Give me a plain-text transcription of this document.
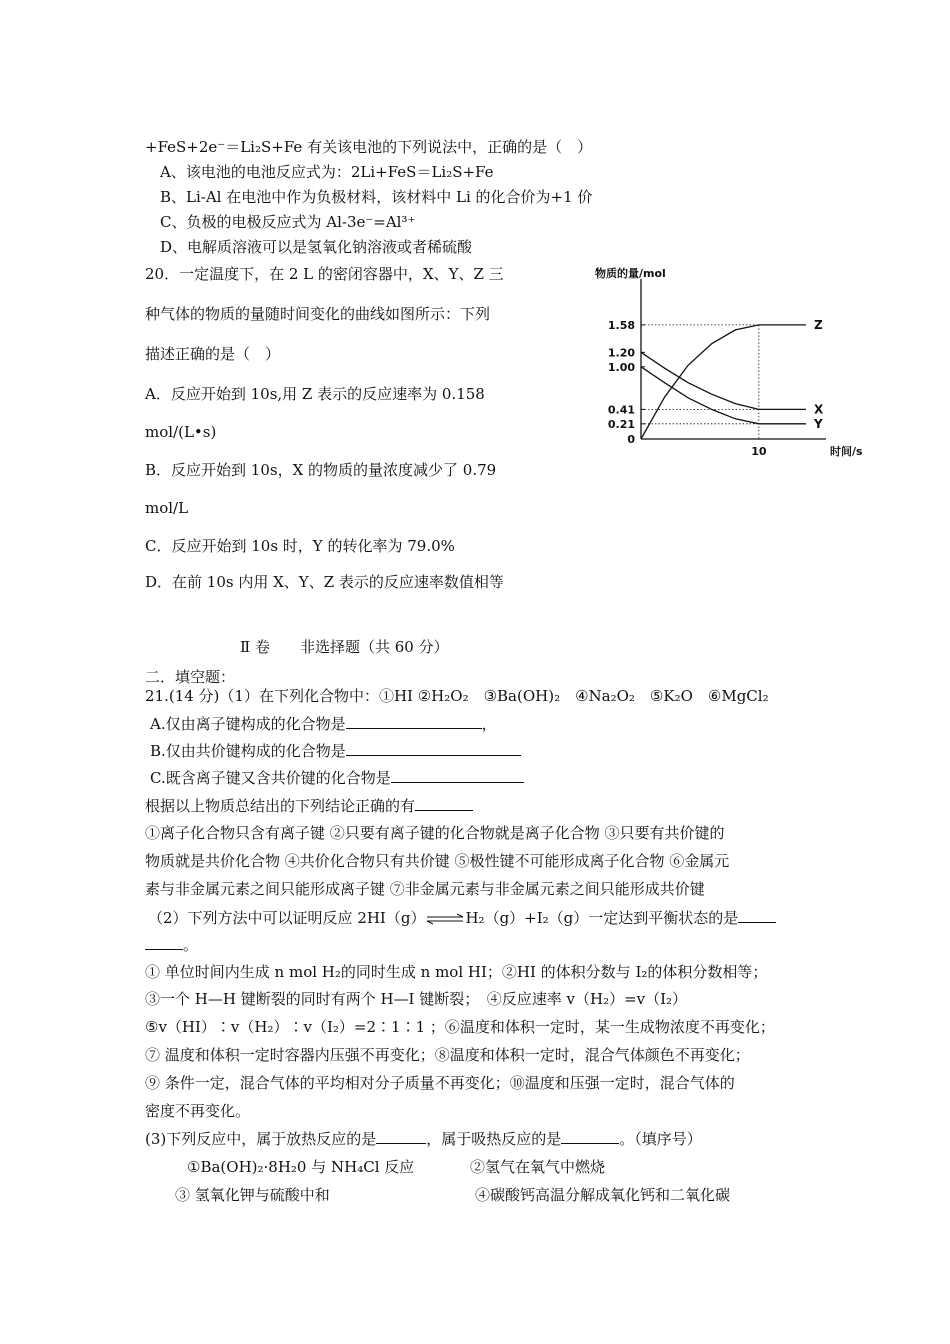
+FeS+2e⁻＝Li₂S+Fe 有关该电池的下列说法中，正确的是（　）
A、该电池的电池反应式为：2Li+FeS＝Li₂S+Fe
B、Li-Al 在电池中作为负极材料，该材料中 Li 的化合价为+1 价
C、负极的电极反应式为 Al-3e⁻=Al³⁺
D、电解质溶液可以是氢氧化钠溶液或者稀硫酸
20．一定温度下，在 2 L 的密闭容器中，X、Y、Z 三
种气体的物质的量随时间变化的曲线如图所示：下列
描述正确的是（　）
A．反应开始到 10s,用 Z 表示的反应速率为 0.158
mol/(L•s)
B．反应开始到 10s，X 的物质的量浓度减少了 0.79
mol/L
C．反应开始到 10s 时，Y 的转化率为 79.0%
D．在前 10s 内用 X、Y、Z 表示的反应速率数值相等
物质的量/mol
时间/s
0
0.21
0.41
1.00
1.20
1.58
10
Z
X
Y
Ⅱ 卷　　非选择题（共 60 分）
二．填空题：
21.(14 分)（1）在下列化合物中：①HI ②H₂O₂　③Ba(OH)₂　④Na₂O₂　⑤K₂O　⑥MgCl₂
A.仅由离子键构成的化合物是	，
B.仅由共价键构成的化合物是
C.既含离子键又含共价键的化合物是
根据以上物质总结出的下列结论正确的有
①离子化合物只含有离子键 ②只要有离子键的化合物就是离子化合物 ③只要有共价键的
物质就是共价化合物 ④共价化合物只有共价键 ⑤极性键不可能形成离子化合物 ⑥金属元
素与非金属元素之间只能形成离子键 ⑦非金属元素与非金属元素之间只能形成共价键
（2）下列方法中可以证明反应 2HI（g）⇌H₂（g）+I₂（g）一定达到平衡状态的是
。
① 单位时间内生成 n mol H₂的同时生成 n mol HI；②HI 的体积分数与 I₂的体积分数相等；
③一个 H—H 键断裂的同时有两个 H—I 键断裂；　④反应速率 v（H₂）=v（I₂）
⑤v（HI）∶v（H₂）∶v（I₂）=2∶1∶1 ；⑥温度和体积一定时，某一生成物浓度不再变化；
⑦ 温度和体积一定时容器内压强不再变化；⑧温度和体积一定时，混合气体颜色不再变化；
⑨ 条件一定，混合气体的平均相对分子质量不再变化；⑩温度和压强一定时，混合气体的
密度不再变化。
(3)下列反应中，属于放热反应的是	，属于吸热反应的是	。（填序号）
①Ba(OH)₂·8H₂0 与 NH₄Cl 反应	②氢气在氧气中燃烧
③ 氢氧化钾与硫酸中和	④碳酸钙高温分解成氧化钙和二氧化碳
